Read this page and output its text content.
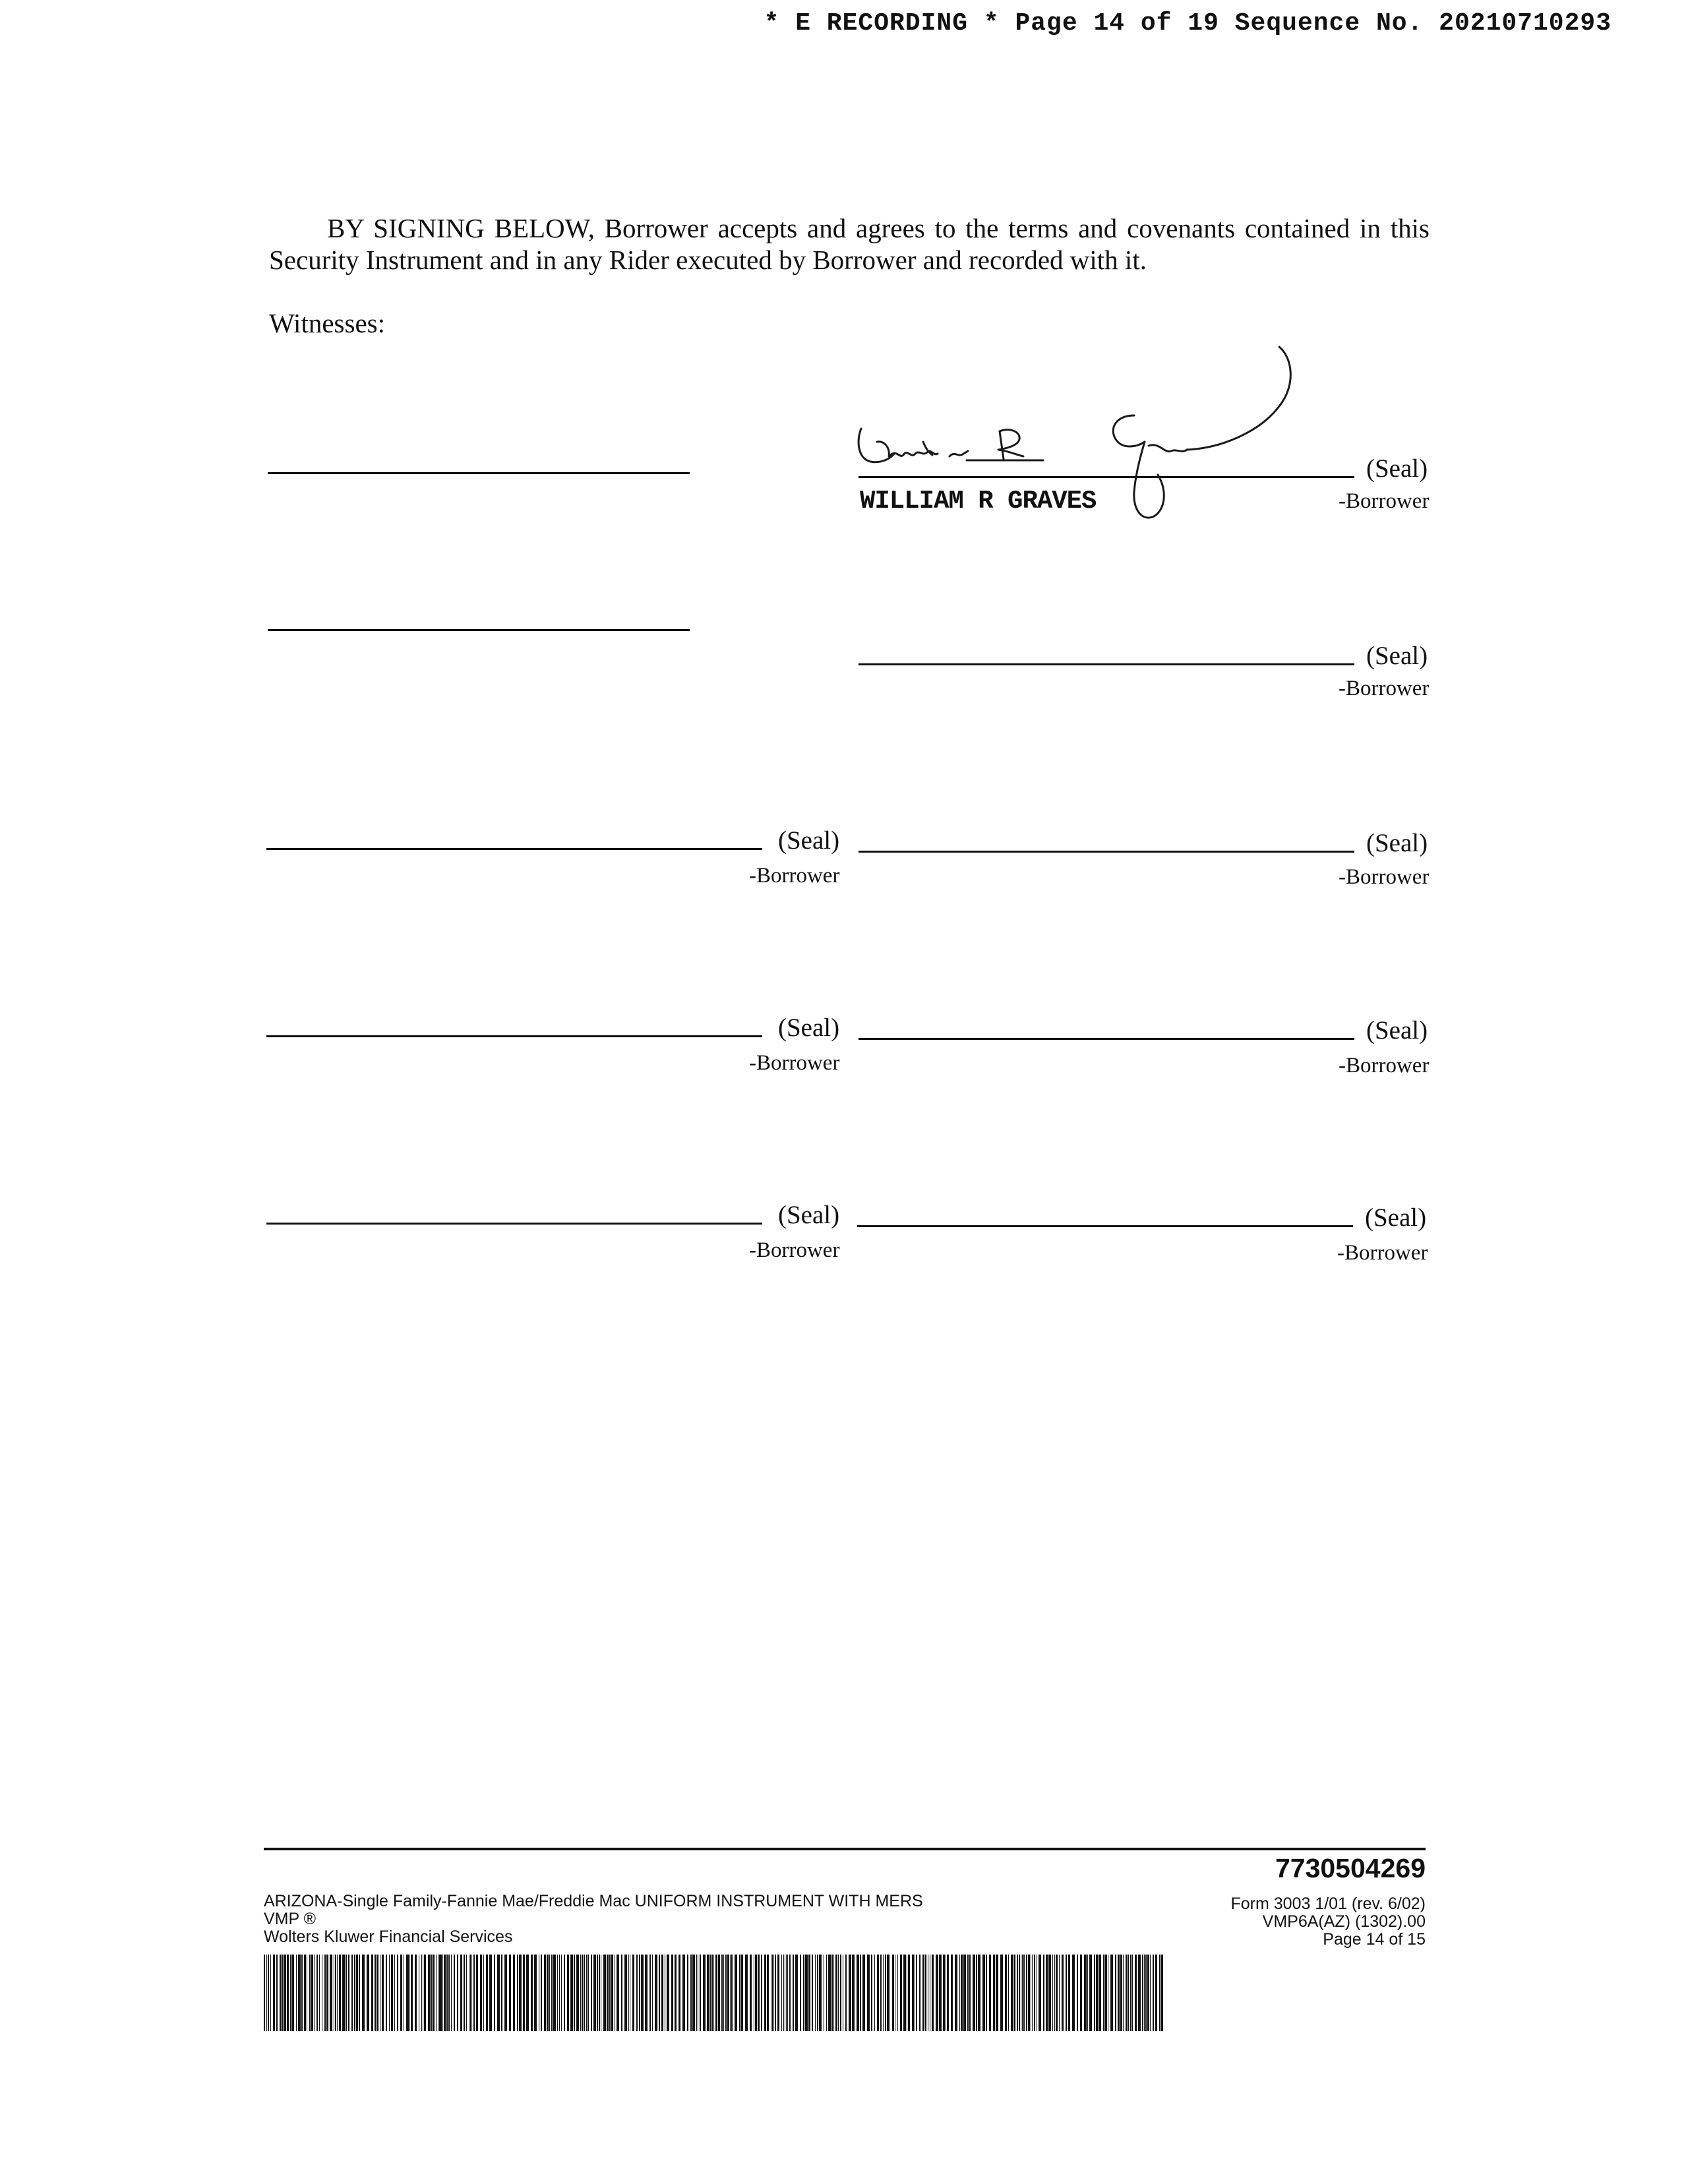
* E RECORDING * Page 14 of 19 Sequence No. 20210710293
BY SIGNING BELOW, Borrower accepts and agrees to the terms and covenants contained in this Security Instrument and in any Rider executed by Borrower and recorded with it.
Witnesses:
(Seal)
-Borrower
WILLIAM R GRAVES
(Seal)
-Borrower
(Seal)
-Borrower
(Seal)
-Borrower
(Seal)
-Borrower
(Seal)
-Borrower
(Seal)
-Borrower
(Seal)
-Borrower
7730504269
ARIZONA-Single Family-Fannie Mae/Freddie Mac UNIFORM INSTRUMENT WITH MERS
VMP ®
Wolters Kluwer Financial Services
Form 3003 1/01 (rev. 6/02)
VMP6A(AZ) (1302).00
Page 14 of 15
